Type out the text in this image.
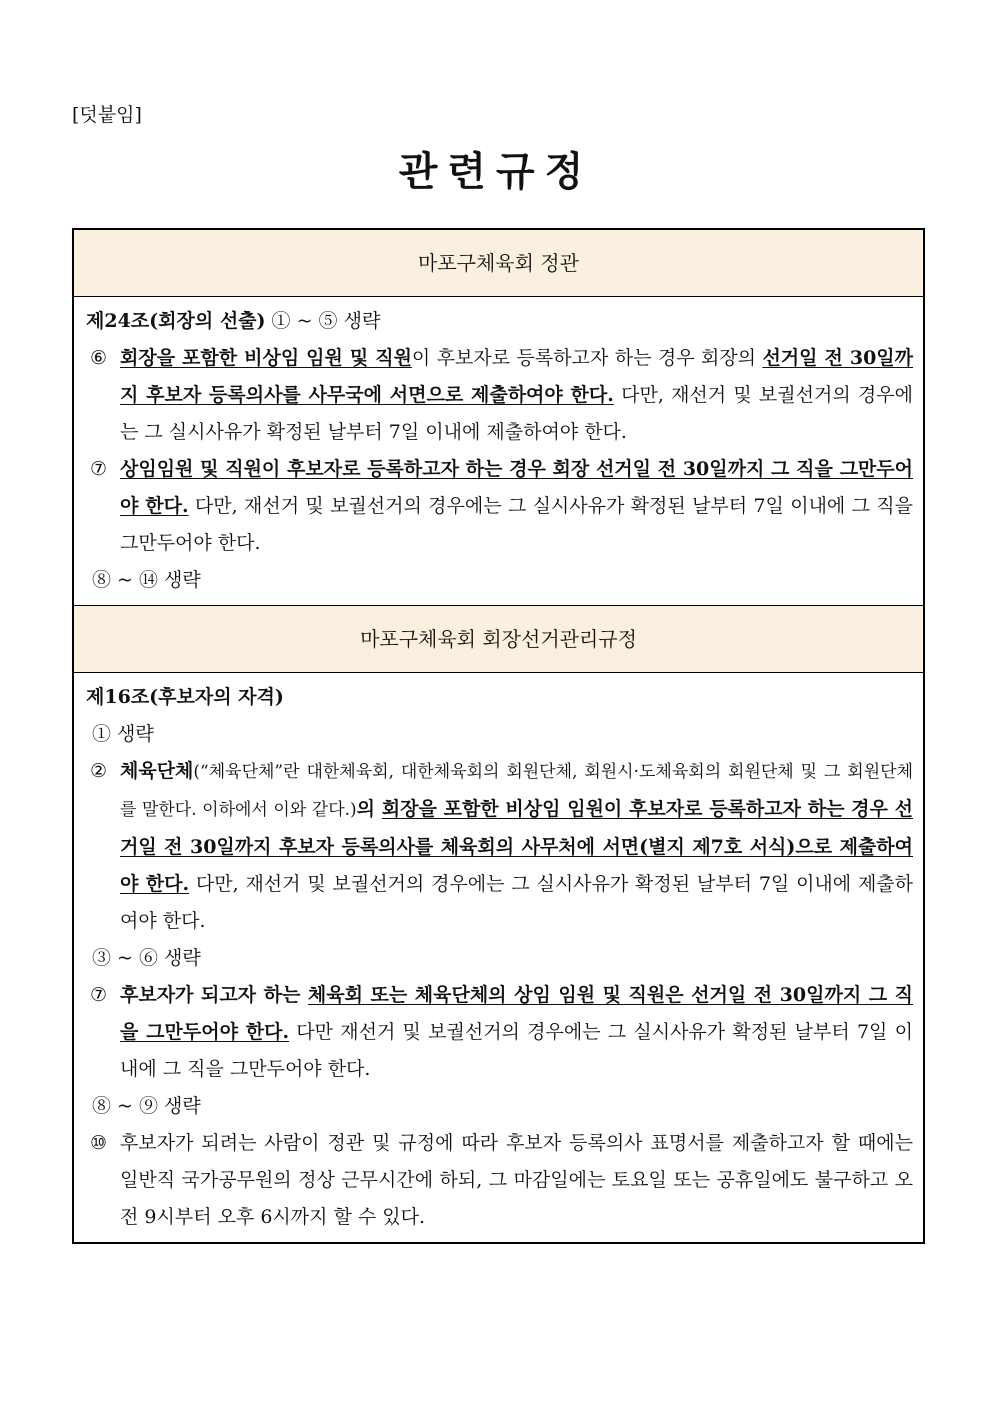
[덧붙임]
관련규정
마포구체육회 정관
제24조(회장의 선출) ① ~ ⑤ 생략
⑥ 회장을 포함한 비상임 임원 및 직원이 후보자로 등록하고자 하는 경우 회장의 선거일 전 30일까지 후보자 등록의사를 사무국에 서면으로 제출하여야 한다. 다만, 재선거 및 보궐선거의 경우에는 그 실시사유가 확정된 날부터 7일 이내에 제출하여야 한다.
⑦ 상임임원 및 직원이 후보자로 등록하고자 하는 경우 회장 선거일 전 30일까지 그 직을 그만두어야 한다. 다만, 재선거 및 보궐선거의 경우에는 그 실시사유가 확정된 날부터 7일 이내에 그 직을 그만두어야 한다.
⑧ ~ ⑭ 생략
마포구체육회 회장선거관리규정
제16조(후보자의 자격)
① 생략
② 체육단체(“체육단체”란 대한체육회, 대한체육회의 회원단체, 회원시·도체육회의 회원단체 및 그 회원단체를 말한다. 이하에서 이와 같다.)의 회장을 포함한 비상임 임원이 후보자로 등록하고자 하는 경우 선거일 전 30일까지 후보자 등록의사를 체육회의 사무처에 서면(별지 제7호 서식)으로 제출하여야 한다. 다만, 재선거 및 보궐선거의 경우에는 그 실시사유가 확정된 날부터 7일 이내에 제출하여야 한다.
③ ~ ⑥ 생략
⑦ 후보자가 되고자 하는 체육회 또는 체육단체의 상임 임원 및 직원은 선거일 전 30일까지 그 직을 그만두어야 한다. 다만 재선거 및 보궐선거의 경우에는 그 실시사유가 확정된 날부터 7일 이내에 그 직을 그만두어야 한다.
⑧ ~ ⑨ 생략
⑩ 후보자가 되려는 사람이 정관 및 규정에 따라 후보자 등록의사 표명서를 제출하고자 할 때에는 일반직 국가공무원의 정상 근무시간에 하되, 그 마감일에는 토요일 또는 공휴일에도 불구하고 오전 9시부터 오후 6시까지 할 수 있다.
